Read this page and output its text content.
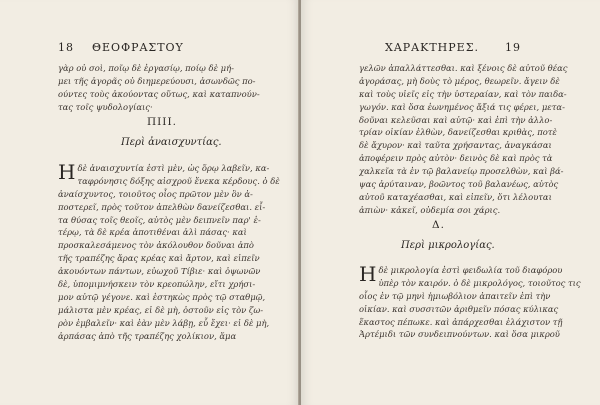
18 ΘΕΟΦΡΑΣΤΟΥ
γὰρ οὐ σοὶ, ποῖῳ δὲ ἐργασίῳ, ποίῳ δὲ μή-
μει τῆς ἀγορᾶς οὐ διημερεύουσι, ἀσωνδῶς πο-
ούντες τοὺς ἀκούοντας οὕτως, καὶ καταπνούν-
τας τοῖς ψυδολογίαις·
ΠΙΙΙ.
Περὶ ἀναισχυντίας.
Η δὲ ἀναισχυντία ἐστὶ μὲν, ὡς ὅρῳ λαβεῖν, κα-
ταφρόνησις δόξης αἰσχροῦ ἕνεκα κέρδους. ὁ δὲ
ἀναίσχυντος, τοιοῦτος οἷος πρῶτον μὲν ὃν ἀ-
ποστερεῖ, πρὸς τοῦτον ἀπελθὼν δανείζεσθαι. εἶ-
τα θύσας τοῖς θεοῖς, αὐτὸς μὲν δειπνεῖν παρ' ἑ-
τέρῳ, τὰ δὲ κρέα ἀποτιθέναι ἁλὶ πάσας· καὶ
προσκαλεσάμενος τὸν ἀκόλουθον δοῦναι ἀπὸ
τῆς τραπέζης ἄρας κρέας καὶ ἄρτον, καὶ εἰπεῖν
ἀκουόντων πάντων, εὐωχοῦ Τίβιε· καὶ ὀψωνῶν
δὲ, ὑπομιμνήσκειν τὸν κρεοπώλην, εἴτι χρήσι-
μον αὐτῷ γέγονε. καὶ ἑστηκὼς πρὸς τῷ σταθμῷ,
μάλιστα μὲν κρέας, εἰ δὲ μὴ, ὀστοῦν εἰς τὸν ζω-
ρὸν ἐμβαλεῖν· καὶ ἐὰν μὲν λάβῃ, εὖ ἔχει· εἰ δὲ μὴ,
ἁρπάσας ἀπὸ τῆς τραπέζης χολίκιον, ἅμα
ΧΑΡΑΚΤΗΡΕΣ. 19
γελῶν ἀπαλλάττεσθαι. καὶ ξένοις δὲ αὐτοῦ θέας
ἀγοράσας, μὴ δοὺς τὸ μέρος, θεωρεῖν. ἄγειν δὲ
καὶ τοὺς υἱεῖς εἰς τὴν ὑστεραίαν, καὶ τὸν παιδα-
γωγόν. καὶ ὅσα ἐωνημένος ἄξιά τις φέρει, μετα-
δοῦναι κελεῦσαι καὶ αὐτῷ· καὶ ἐπὶ τὴν ἀλλο-
τρίαν οἰκίαν ἐλθὼν, δανείζεσθαι κριθὰς, ποτὲ
δὲ ἄχυρον· καὶ ταῦτα χρήσαντας, ἀναγκάσαι
ἀποφέρειν πρὸς αὐτὸν· δεινὸς δὲ καὶ πρὸς τὰ
χαλκεῖα τὰ ἐν τῷ βαλανείῳ προσελθὼν, καὶ βά-
ψας ἀρύταιναν, βοῶντος τοῦ βαλανέως, αὐτὸς
αὐτοῦ καταχέασθαι, καὶ εἰπεῖν, ὅτι λέλουται
ἀπιὼν· κἀκεῖ, οὐδεμία σοι χάρις.
Δ.
Περὶ μικρολογίας.
Η δὲ μικρολογία ἐστὶ φειδωλία τοῦ διαφόρου
ὑπὲρ τὸν καιρόν. ὁ δὲ μικρολόγος, τοιοῦτος τις
οἷος ἐν τῷ μηνὶ ἡμιωβόλιον ἀπαιτεῖν ἐπὶ τὴν
οἰκίαν. καὶ συσσιτῶν ἀριθμεῖν πόσας κύλικας
ἕκαστος πέπωκε. καὶ ἀπάρχεσθαι ἐλάχιστον τῇ
Ἀρτέμιδι τῶν συνδειπνούντων. καὶ ὅσα μικροῦ
